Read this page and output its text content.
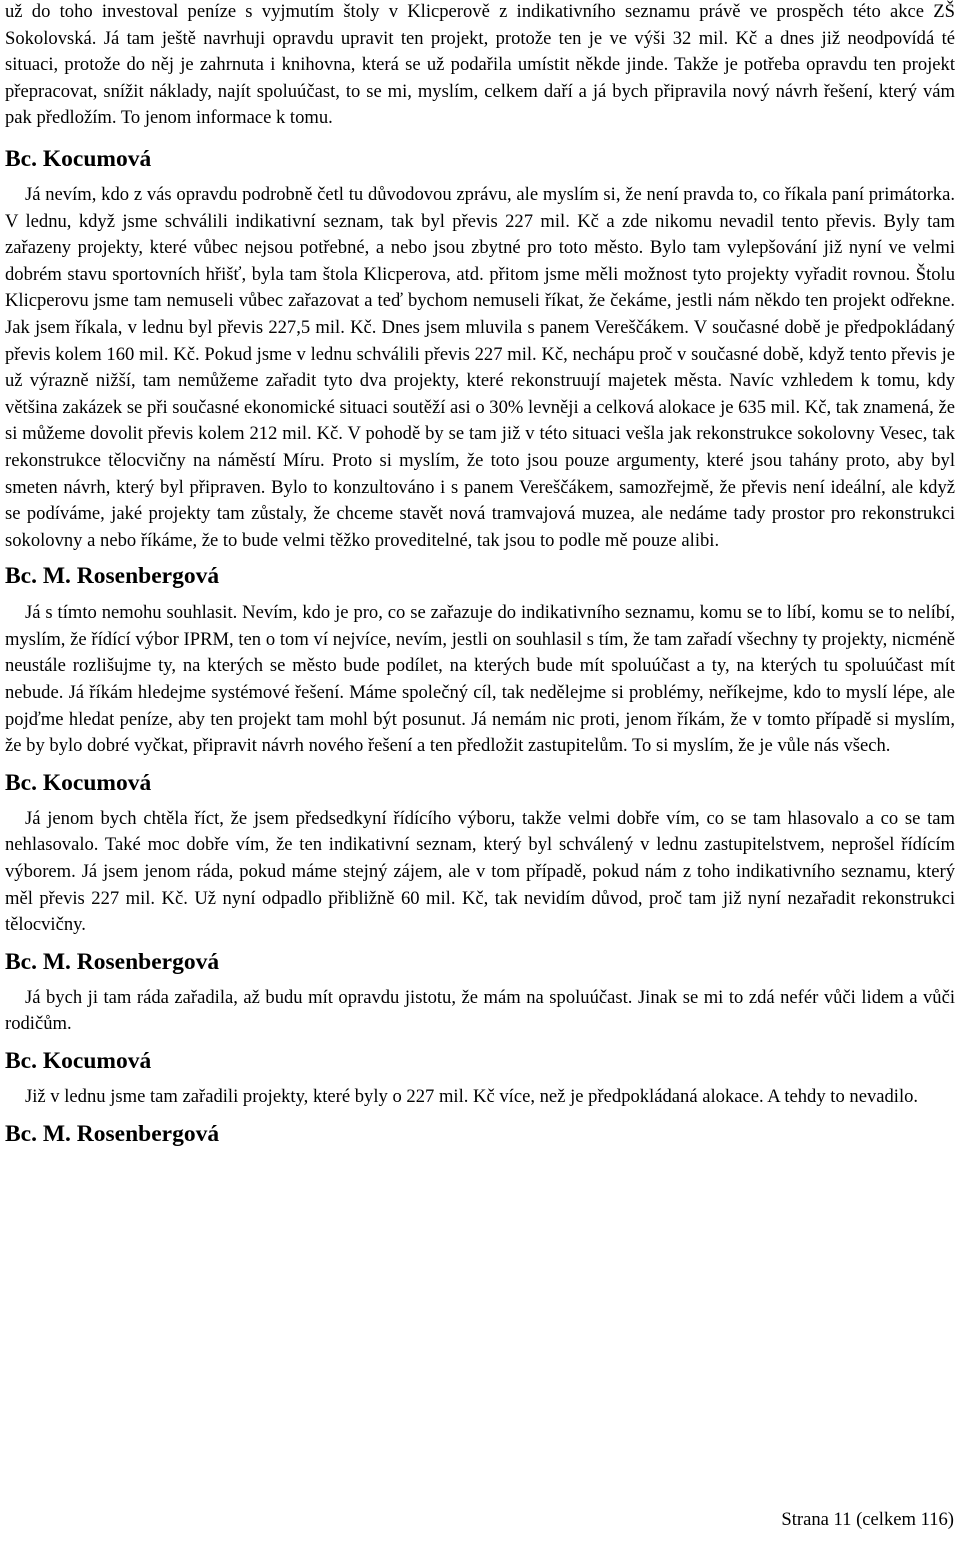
už do toho investoval peníze s vyjmutím štoly v Klicperově z indikativního seznamu právě ve prospěch této akce ZŠ Sokolovská. Já tam ještě navrhuji opravdu upravit ten projekt, protože ten je ve výši 32 mil. Kč a dnes již neodpovídá té situaci, protože do něj je zahrnuta i knihovna, která se už podařila umístit někde jinde. Takže je potřeba opravdu ten projekt přepracovat, snížit náklady, najít spoluúčast, to se mi, myslím, celkem daří a já bych připravila nový návrh řešení, který vám pak předložím. To jenom informace k tomu.

Bc. Kocumová

Já nevím, kdo z vás opravdu podrobně četl tu důvodovou zprávu, ale myslím si, že není pravda to, co říkala paní primátorka. V lednu, když jsme schválili indikativní seznam, tak byl převis 227 mil. Kč a zde nikomu nevadil tento převis. Byly tam zařazeny projekty, které vůbec nejsou potřebné, a nebo jsou zbytné pro toto město. Bylo tam vylepšování již nyní ve velmi dobrém stavu sportovních hřišť, byla tam štola Klicperova, atd. přitom jsme měli možnost tyto projekty vyřadit rovnou. Štolu Klicperovu jsme tam nemuseli vůbec zařazovat a teď bychom nemuseli říkat, že čekáme, jestli nám někdo ten projekt odřekne. Jak jsem říkala, v lednu byl převis 227,5 mil. Kč. Dnes jsem mluvila s panem Vereščákem. V současné době je předpokládaný převis kolem 160 mil. Kč. Pokud jsme v lednu schválili převis 227 mil. Kč, nechápu proč v současné době, když tento převis je už výrazně nižší, tam nemůžeme zařadit tyto dva projekty, které rekonstruují majetek města. Navíc vzhledem k tomu, kdy většina zakázek se při současné ekonomické situaci soutěží asi o 30% levněji a celková alokace je 635 mil. Kč, tak znamená, že si můžeme dovolit převis kolem 212 mil. Kč. V pohodě by se tam již v této situaci vešla jak rekonstrukce sokolovny Vesec, tak rekonstrukce tělocvičny na náměstí Míru. Proto si myslím, že toto jsou pouze argumenty, které jsou tahány proto, aby byl smeten návrh, který byl připraven. Bylo to konzultováno i s panem Vereščákem, samozřejmě, že převis není ideální, ale když se podíváme, jaké projekty tam zůstaly, že chceme stavět nová tramvajová muzea, ale nedáme tady prostor pro rekonstrukci sokolovny a nebo říkáme, že to bude velmi těžko proveditelné, tak jsou to podle mě pouze alibi.

Bc. M. Rosenbergová

Já s tímto nemohu souhlasit. Nevím, kdo je pro, co se zařazuje do indikativního seznamu, komu se to líbí, komu se to nelíbí, myslím, že řídící výbor IPRM, ten o tom ví nejvíce, nevím, jestli on souhlasil s tím, že tam zařadí všechny ty projekty, nicméně neustále rozlišujme ty, na kterých se město bude podílet, na kterých bude mít spoluúčast a ty, na kterých tu spoluúčast mít nebude. Já říkám hledejme systémové řešení. Máme společný cíl, tak nedělejme si problémy, neříkejme, kdo to myslí lépe, ale pojďme hledat peníze, aby ten projekt tam mohl být posunut. Já nemám nic proti, jenom říkám, že v tomto případě si myslím, že by bylo dobré vyčkat, připravit návrh nového řešení a ten předložit zastupitelům. To si myslím, že je vůle nás všech.

Bc. Kocumová

Já jenom bych chtěla říct, že jsem předsedkyní řídícího výboru, takže velmi dobře vím, co se tam hlasovalo a co se tam nehlasovalo. Také moc dobře vím, že ten indikativní seznam, který byl schválený v lednu zastupitelstvem, neprošel řídícím výborem. Já jsem jenom ráda, pokud máme stejný zájem, ale v tom případě, pokud nám z toho indikativního seznamu, který měl převis 227 mil. Kč. Už nyní odpadlo přibližně 60 mil. Kč, tak nevidím důvod, proč tam již nyní nezařadit rekonstrukci tělocvičny.

Bc. M. Rosenbergová

Já bych ji tam ráda zařadila, až budu mít opravdu jistotu, že mám na spoluúčast. Jinak se mi to zdá nefér vůči lidem a vůči rodičům.

Bc. Kocumová

Již v lednu jsme tam zařadili projekty, které byly o 227 mil. Kč více, než je předpokládaná alokace. A tehdy to nevadilo.

Bc. M. Rosenbergová

Strana 11 (celkem 116)
